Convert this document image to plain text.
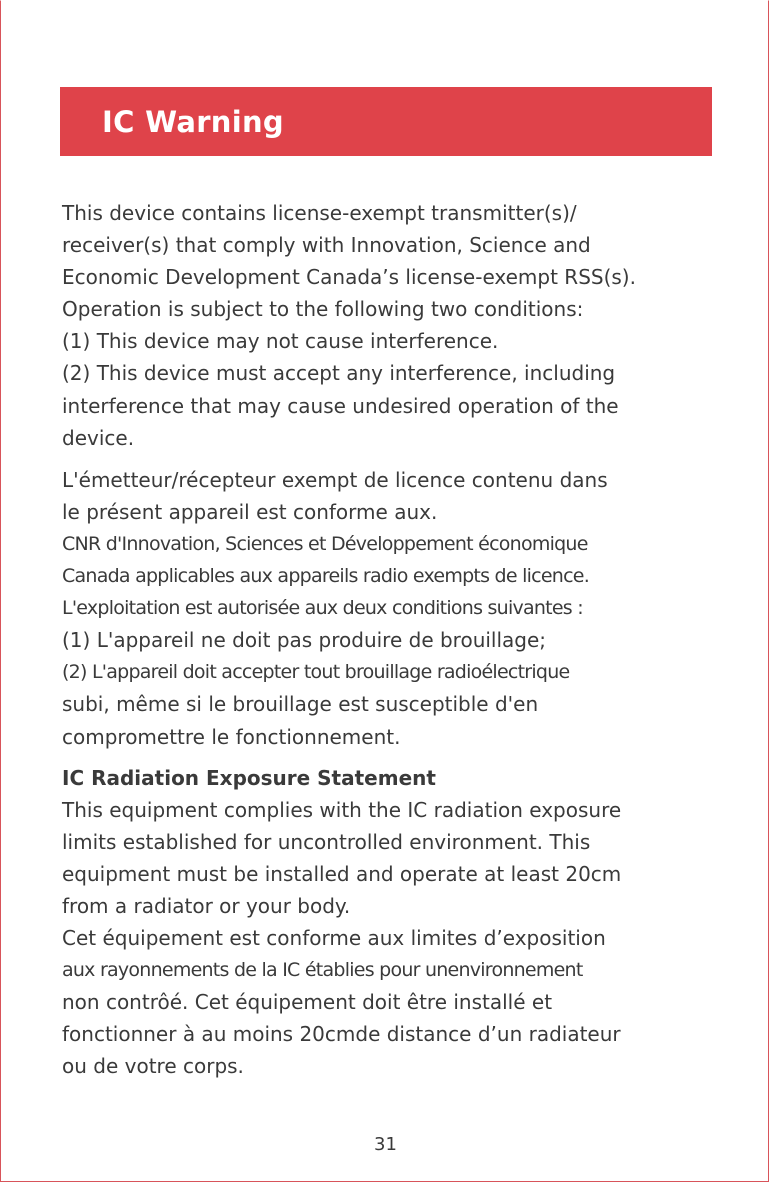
IC Warning
This device contains license-exempt transmitter(s)/
receiver(s) that comply with Innovation, Science and
Economic Development Canada’s license-exempt RSS(s).
Operation is subject to the following two conditions:
(1) This device may not cause interference.
(2) This device must accept any interference, including
interference that may cause undesired operation of the
device.
L'émetteur/récepteur exempt de licence contenu dans
le présent appareil est conforme aux.
CNR d'Innovation, Sciences et Développement économique
Canada applicables aux appareils radio exempts de licence.
L'exploitation est autorisée aux deux conditions suivantes :
(1) L'appareil ne doit pas produire de brouillage;
(2) L'appareil doit accepter tout brouillage radioélectrique
subi, même si le brouillage est susceptible d'en
compromettre le fonctionnement.
IC Radiation Exposure Statement
This equipment complies with the IC radiation exposure
limits established for uncontrolled environment. This
equipment must be installed and operate at least 20cm
from a radiator or your body.
Cet équipement est conforme aux limites d’exposition
aux rayonnements de la IC établies pour unenvironnement
non contrôé. Cet équipement doit être installé et
fonctionner à au moins 20cmde distance d’un radiateur
ou de votre corps.
31
